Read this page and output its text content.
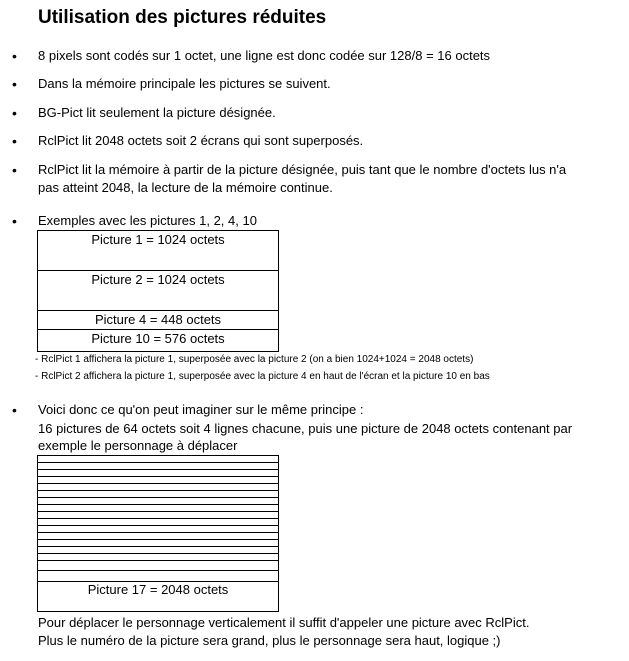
Utilisation des pictures réduites
• 8 pixels sont codés sur 1 octet, une ligne est donc codée sur 128/8 = 16 octets
• Dans la mémoire principale les pictures se suivent.
• BG-Pict lit seulement la picture désignée.
• RclPict lit 2048 octets soit 2 écrans qui sont superposés.
• RclPict lit la mémoire à partir de la picture désignée, puis tant que le nombre d'octets lus n'a
pas atteint 2048, la lecture de la mémoire continue.
• Exemples avec les pictures 1, 2, 4, 10
Picture 1 = 1024 octets
Picture 2 = 1024 octets
Picture 4 = 448 octets
Picture 10 = 576 octets
- RclPict 1 affichera la picture 1, superposée avec la picture 2 (on a bien 1024+1024 = 2048 octets)
- RclPict 2 affichera la picture 1, superposée avec la picture 4 en haut de l'écran et la picture 10 en bas
• Voici donc ce qu'on peut imaginer sur le même principe :
16 pictures de 64 octets soit 4 lignes chacune, puis une picture de 2048 octets contenant par
exemple le personnage à déplacer
Picture 17 = 2048 octets
Pour déplacer le personnage verticalement il suffit d'appeler une picture avec RclPict.
Plus le numéro de la picture sera grand, plus le personnage sera haut, logique ;)
